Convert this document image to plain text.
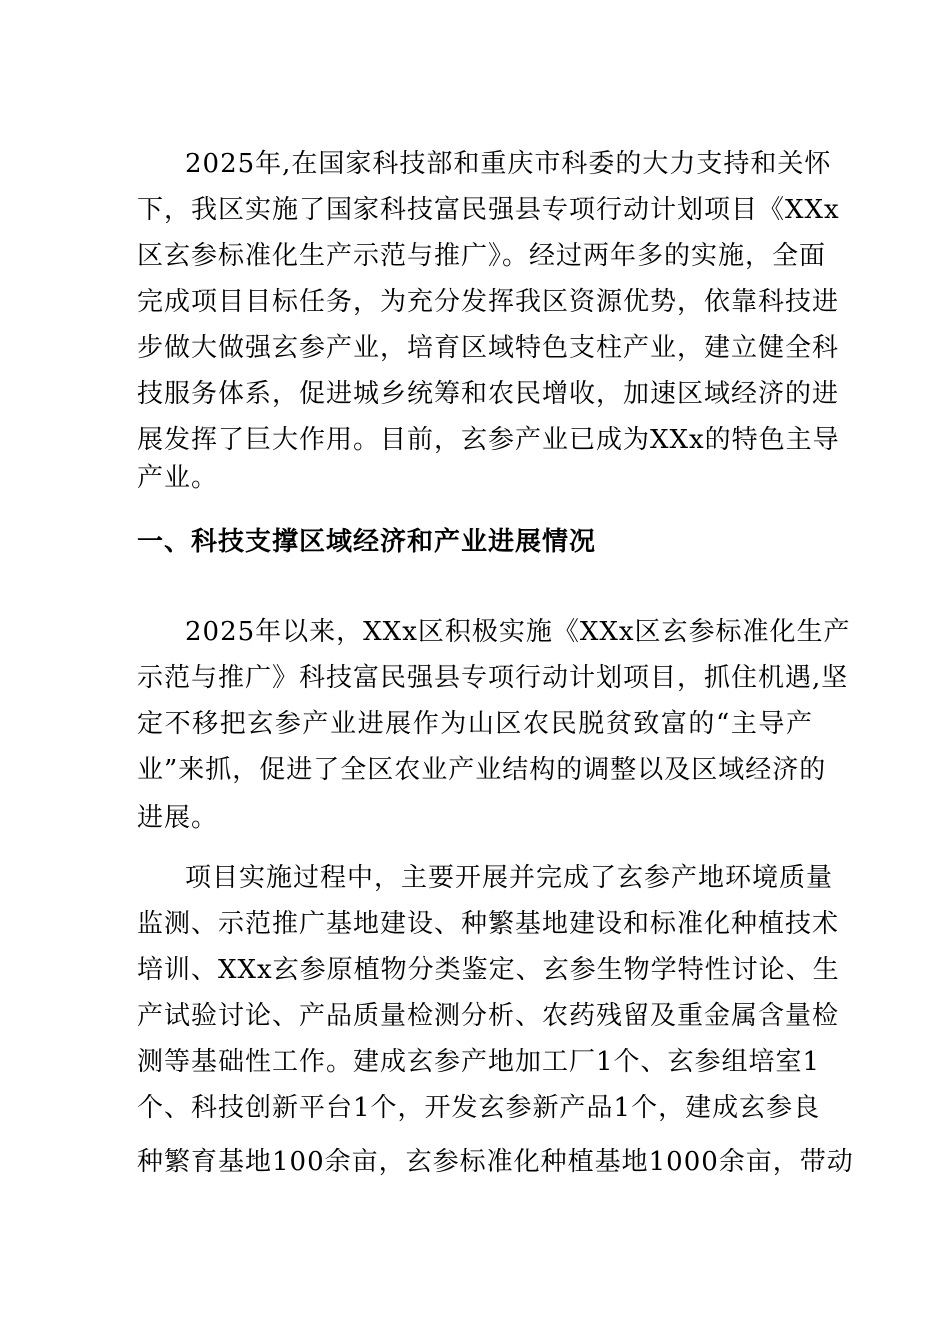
2025年,在国家科技部和重庆市科委的大力支持和关怀
下，我区实施了国家科技富民强县专项行动计划项目《XXx
区玄参标准化生产示范与推广》。经过两年多的实施，全面
完成项目目标任务，为充分发挥我区资源优势，依靠科技进
步做大做强玄参产业，培育区域特色支柱产业，建立健全科
技服务体系，促进城乡统筹和农民增收，加速区域经济的进
展发挥了巨大作用。目前，玄参产业已成为XXx的特色主导
产业。
一、科技支撑区域经济和产业进展情况
2025年以来，XXx区积极实施《XXx区玄参标准化生产
示范与推广》科技富民强县专项行动计划项目，抓住机遇,坚
定不移把玄参产业进展作为山区农民脱贫致富的“主导产
业”来抓，促进了全区农业产业结构的调整以及区域经济的
进展。
项目实施过程中，主要开展并完成了玄参产地环境质量
监测、示范推广基地建设、种繁基地建设和标准化种植技术
培训、XXx玄参原植物分类鉴定、玄参生物学特性讨论、生
产试验讨论、产品质量检测分析、农药残留及重金属含量检
测等基础性工作。建成玄参产地加工厂1个、玄参组培室1
个、科技创新平台1个，开发玄参新产品1个，建成玄参良
种繁育基地100余亩，玄参标准化种植基地1000余亩，带动
